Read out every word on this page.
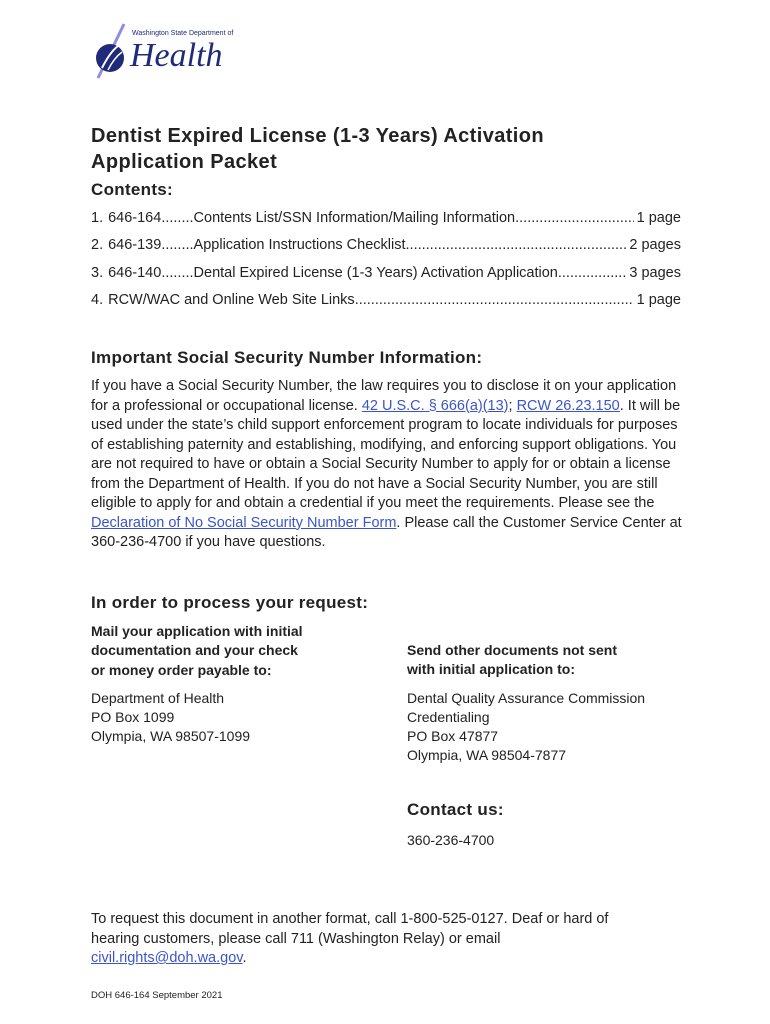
Washington State Department of
Health
Dentist Expired License (1-3 Years) Activation
Application Packet
Contents:
1. 646-164 ........ Contents List/SSN Information/Mailing Information .....	1 page
2. 646-139 ........ Application Instructions Checklist .....	2 pages
3. 646-140 ........ Dental Expired License (1-3 Years) Activation Application .....	3 pages
4. RCW/WAC and Online Web Site Links .....	1 page
Important Social Security Number Information:
If you have a Social Security Number, the law requires you to disclose it on your application for a professional or occupational license. 42 U.S.C. § 666(a)(13); RCW 26.23.150. It will be used under the state’s child support enforcement program to locate individuals for purposes of establishing paternity and establishing, modifying, and enforcing support obligations. You are not required to have or obtain a Social Security Number to apply for or obtain a license from the Department of Health. If you do not have a Social Security Number, you are still eligible to apply for and obtain a credential if you meet the requirements. Please see the Declaration of No Social Security Number Form. Please call the Customer Service Center at 360-236-4700 if you have questions.
In order to process your request:
Mail your application with initial
documentation and your check
or money order payable to:
Department of Health
PO Box 1099
Olympia, WA 98507-1099
Send other documents not sent
with initial application to:
Dental Quality Assurance Commission
Credentialing
PO Box 47877
Olympia, WA 98504-7877
Contact us:
360-236-4700
To request this document in another format, call 1-800-525-0127. Deaf or hard of hearing customers, please call 711 (Washington Relay) or email civil.rights@doh.wa.gov.
DOH 646-164 September 2021
